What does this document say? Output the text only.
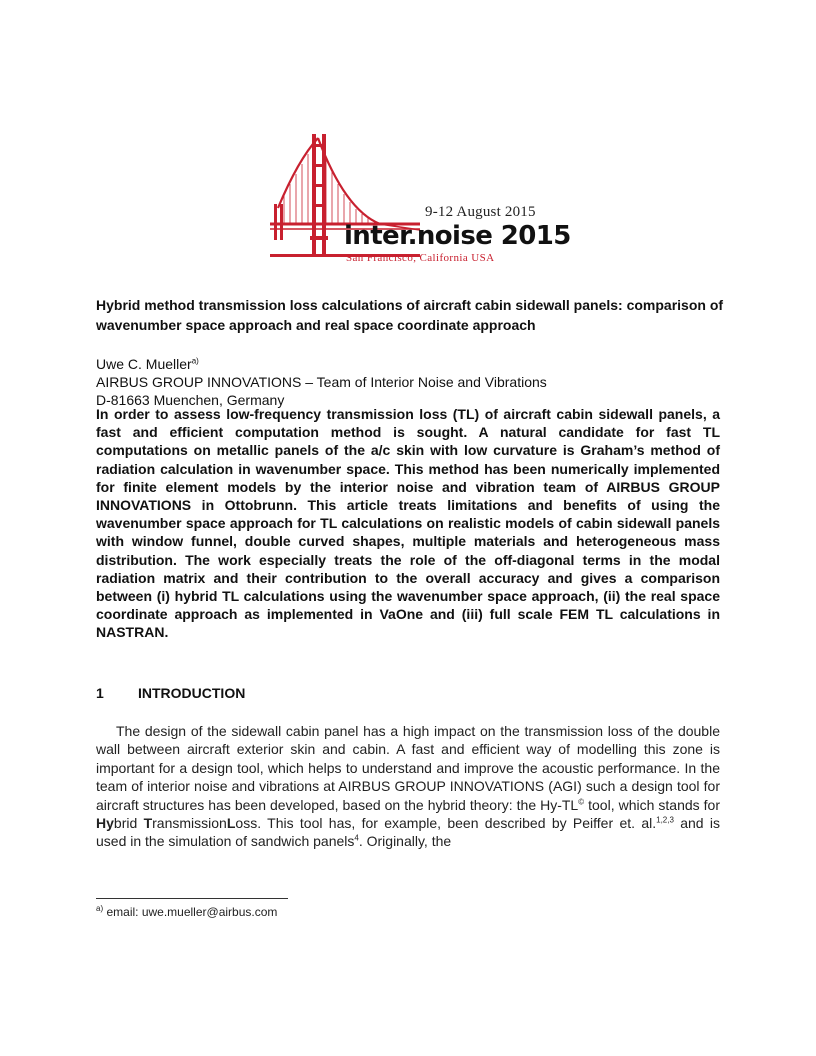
9-12 August 2015
inter.noise 2015
San Francisco, California USA
Hybrid method transmission loss calculations of aircraft cabin sidewall panels: comparison of wavenumber space approach and real space coordinate approach
Uwe C. Mueller$^{a)}$
AIRBUS GROUP INNOVATIONS – Team of Interior Noise and Vibrations
D-81663 Muenchen, Germany

In order to assess low-frequency transmission loss (TL) of aircraft cabin sidewall panels, a fast and efficient computation method is sought. A natural candidate for fast TL computations on metallic panels of the a/c skin with low curvature is Graham’s method of radiation calculation in wavenumber space. This method has been numerically implemented for finite element models by the interior noise and vibration team of AIRBUS GROUP INNOVATIONS in Ottobrunn. This article treats limitations and benefits of using the wavenumber space approach for TL calculations on realistic models of cabin sidewall panels with window funnel, double curved shapes, multiple materials and heterogeneous mass distribution. The work especially treats the role of the off-diagonal terms in the modal radiation matrix and their contribution to the overall accuracy and gives a comparison between (i) hybrid TL calculations using the wavenumber space approach, (ii) the real space coordinate approach as implemented in VaOne and (iii) full scale FEM TL calculations in NASTRAN.

1 INTRODUCTION

The design of the sidewall cabin panel has a high impact on the transmission loss of the double wall between aircraft exterior skin and cabin. A fast and efficient way of modelling this zone is important for a design tool, which helps to understand and improve the acoustic performance. In the team of interior noise and vibrations at AIRBUS GROUP INNOVATIONS (AGI) such a design tool for aircraft structures has been developed, based on the hybrid theory: the Hy-TL© tool, which stands for Hybrid TransmissionLoss. This tool has, for example, been described by Peiffer et. al.$^{1,2,3}$ and is used in the simulation of sandwich panels$^4$. Originally, the

$^{a)}$ email: uwe.mueller@airbus.com
